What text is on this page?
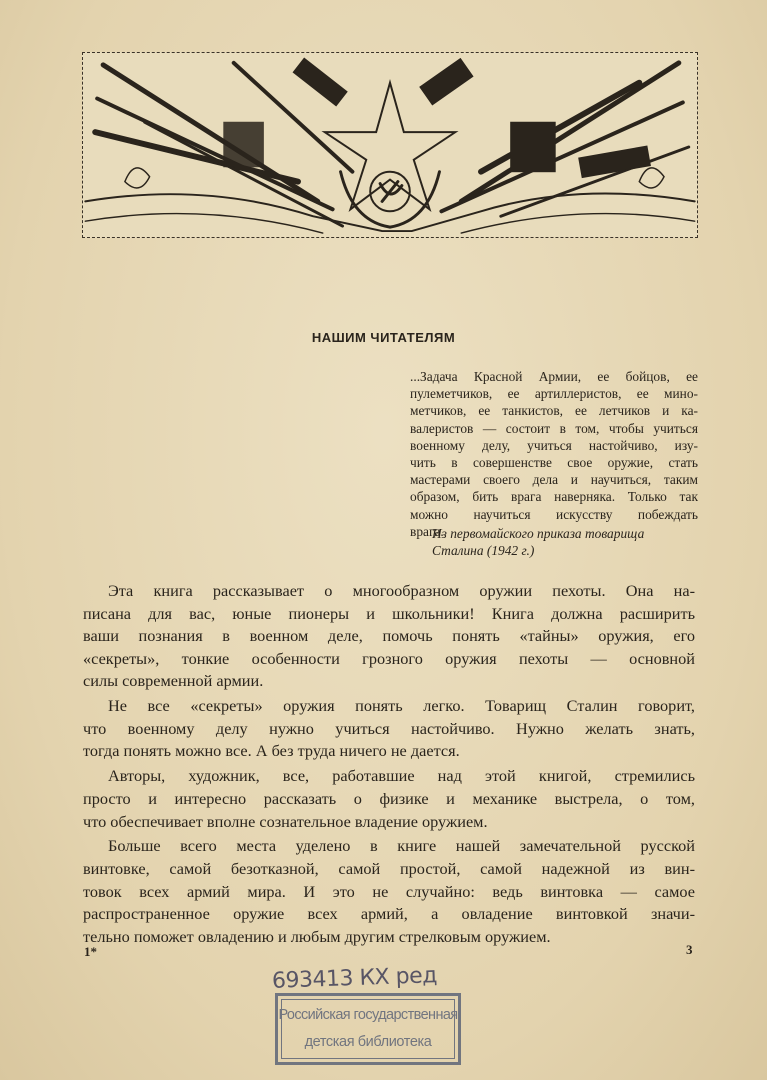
НАШИМ ЧИТАТЕЛЯМ
...Задача Красной Армии, ее бойцов, ее
пулеметчиков, ее артиллеристов, ее мино-
метчиков, ее танкистов, ее летчиков и ка-
валеристов — состоит в том, чтобы учиться
военному делу, учиться настойчиво, изу-
чить в совершенстве свое оружие, стать
мастерами своего дела и научиться, таким
образом, бить врага наверняка. Только так
можно научиться искусству побеждать
врага.
Из первомайского приказа товарища
Сталина (1942 г.)
Эта книга рассказывает о многообразном оружии пехоты. Она на-
писана для вас, юные пионеры и школьники! Книга должна расширить
ваши познания в военном деле, помочь понять «тайны» оружия, его
«секреты», тонкие особенности грозного оружия пехоты — основной
силы современной армии.
Не все «секреты» оружия понять легко. Товарищ Сталин говорит,
что военному делу нужно учиться настойчиво. Нужно желать знать,
тогда понять можно все. А без труда ничего не дается.
Авторы, художник, все, работавшие над этой книгой, стремились
просто и интересно рассказать о физике и механике выстрела, о том,
что обеспечивает вполне сознательное владение оружием.
Больше всего места уделено в книге нашей замечательной русской
винтовке, самой безотказной, самой простой, самой надежной из вин-
товок всех армий мира. И это не случайно: ведь винтовка — самое
распространенное оружие всех армий, а овладение винтовкой значи-
тельно поможет овладению и любым другим стрелковым оружием.
1*	3
693413 КХ ред
Российская государственная
детская библиотека
